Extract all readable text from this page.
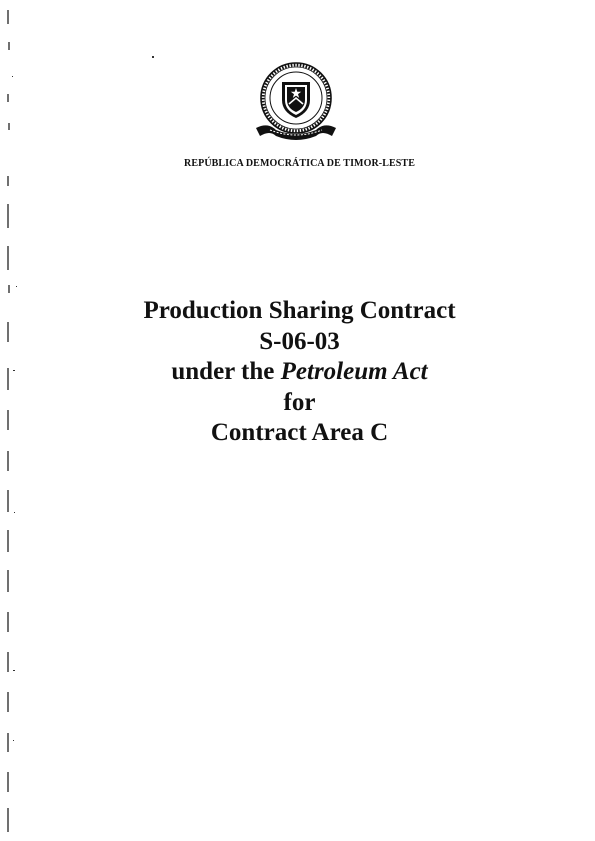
REPÚBLICA DEMOCRÁTICA DE TIMOR-LESTE
Production Sharing Contract
S-06-03
under the Petroleum Act
for
Contract Area C
